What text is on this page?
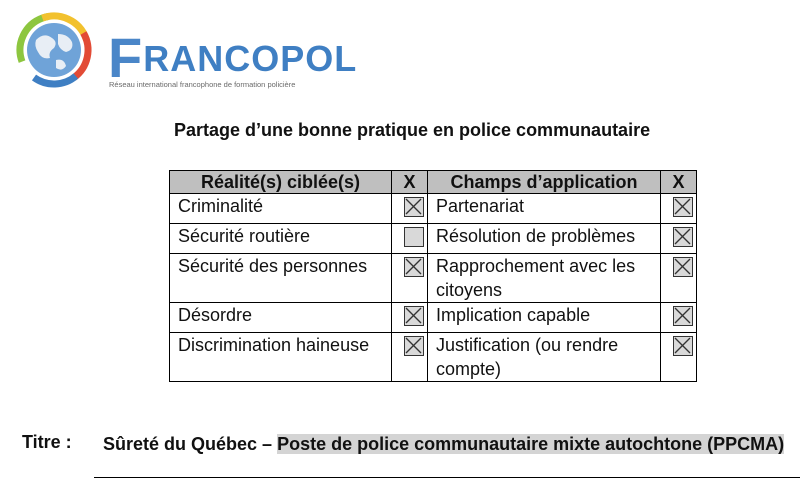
FRANCOPOL
Réseau international francophone de formation policière
Partage d’une bonne pratique en police communautaire
Réalité(s) ciblée(s)	X	Champs d’application	X
Criminalité		Partenariat	

Sécurité routière		Résolution de problèmes	

Sécurité des personnes		Rapprochement avec les citoyens	

Désordre		Implication capable	

Discrimination haineuse		Justification (ou rendre compte)	
Titre : Sûreté du Québec – Poste de police communautaire mixte autochtone (PPCMA)
